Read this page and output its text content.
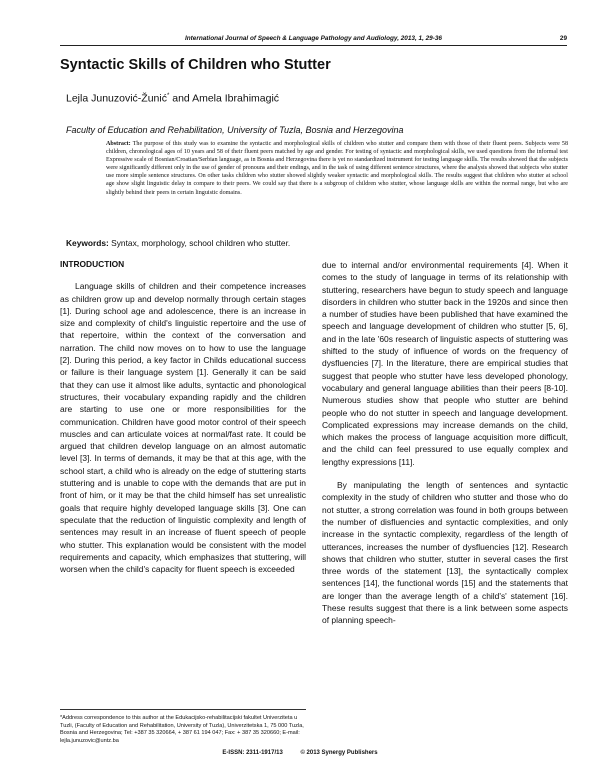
International Journal of Speech & Language Pathology and Audiology, 2013, 1, 29-36	29
Syntactic Skills of Children who Stutter
Lejla Junuzović-Žunić* and Amela Ibrahimagić
Faculty of Education and Rehabilitation, University of Tuzla, Bosnia and Herzegovina
Abstract: The purpose of this study was to examine the syntactic and morphological skills of children who stutter and compare them with those of their fluent peers. Subjects were 58 children, chronological ages of 10 years and 58 of their fluent peers matched by age and gender. For testing of syntactic and morphological skills, we used questions from the informal test Expressive scale of Bosnian/Croatian/Serbian language, as in Bosnia and Herzegovina there is yet no standardized instrument for testing language skills. The results showed that the subjects were significantly different only in the use of gender of pronouns and their endings, and in the task of using different sentence structures, where the analysis showed that subjects who stutter use more simple sentence structures. On other tasks children who stutter showed slightly weaker syntactic and morphological skills. The results suggest that children who stutter at school age show slight linguistic delay in compare to their peers. We could say that there is a subgroup of children who stutter, whose language skills are within the normal range, but who are slightly behind their peers in certain linguistic domains.
Keywords: Syntax, morphology, school children who stutter.
INTRODUCTION

Language skills of children and their competence increases as children grow up and develop normally through certain stages [1]. During school age and adolescence, there is an increase in size and complexity of child's linguistic repertoire and the use of that repertoire, within the context of the conversation and narration. The child now moves on to how to use the language [2]. During this period, a key factor in Childs educational success or failure is their language system [1]. Generally it can be said that they can use it almost like adults, syntactic and phonological structures, their vocabulary expanding rapidly and the children are starting to use one or more responsibilities for the communication. Children have good motor control of their speech muscles and can articulate voices at normal/fast rate. It could be argued that children develop language on an almost automatic level [3]. In terms of demands, it may be that at this age, with the school start, a child who is already on the edge of stuttering starts stuttering and is unable to cope with the demands that are put in front of him, or it may be that the child himself has set unrealistic goals that require highly developed language skills [3]. One can speculate that the reduction of linguistic complexity and length of sentences may result in an increase of fluent speech of people who stutter. This explanation would be consistent with the model requirements and capacity, which emphasizes that stuttering, will worsen when the child's capacity for fluent speech is exceeded

due to internal and/or environmental requirements [4]. When it comes to the study of language in terms of its relationship with stuttering, researchers have begun to study speech and language disorders in children who stutter back in the 1920s and since then a number of studies have been published that have examined the speech and language development of children who stutter [5, 6], and in the late '60s research of linguistic aspects of stuttering was shifted to the study of influence of words on the frequency of dysfluencies [7]. In the literature, there are empirical studies that suggest that people who stutter have less developed phonology, vocabulary and general language abilities than their peers [8-10]. Numerous studies show that people who stutter are behind people who do not stutter in speech and language development. Complicated expressions may increase demands on the child, which makes the process of language acquisition more difficult, and the child can feel pressured to use equally complex and lengthy expressions [11].

By manipulating the length of sentences and syntactic complexity in the study of children who stutter and those who do not stutter, a strong correlation was found in both groups between the number of disfluencies and syntactic complexities, and only increase in the syntactic complexity, regardless of the length of utterances, increases the number of dysfluencies [12]. Research shows that children who stutter, stutter in several cases the first three words of the statement [13], the syntactically complex sentences [14], the functional words [15] and the statements that are longer than the average length of a child's' statement [16]. These results suggest that there is a link between some aspects of planning speech-

*Address correspondence to this author at the Edukacijsko-rehabilitacijski fakultet Univerziteta u Tuzli, (Faculty of Education and Rehabilitation, University of Tuzla), Univerzitetska 1, 75 000 Tuzla, Bosnia and Herzegovina; Tel: +387 35 320664, + 387 61 194 047; Fax: + 387 35 320660; E-mail: lejla.junuzovic@untz.ba
E-ISSN: 2311-1917/13	© 2013 Synergy Publishers
